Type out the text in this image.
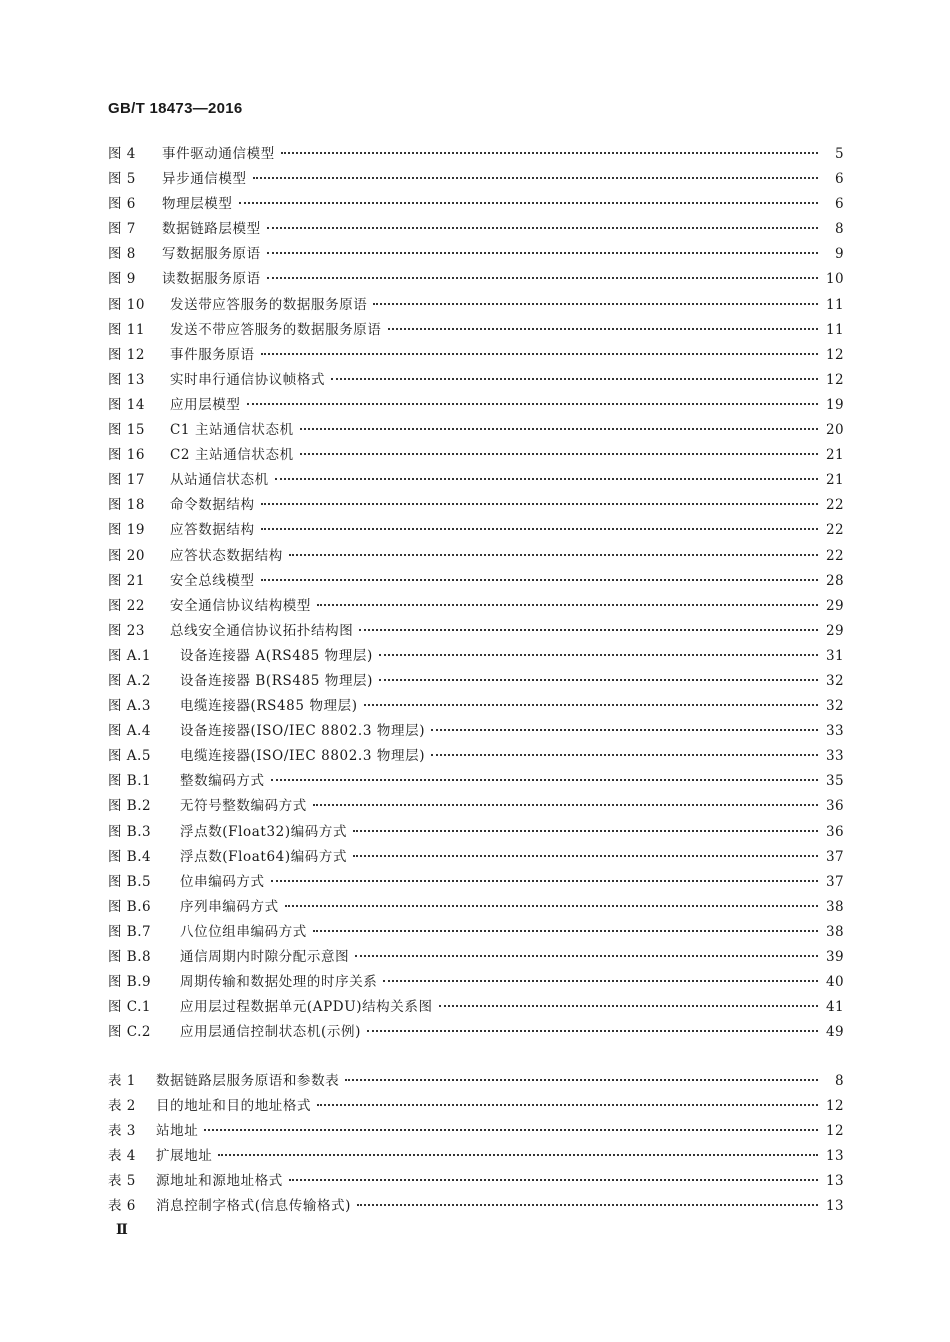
GB/T 18473—2016
图 4	事件驱动通信模型	5
图 5	异步通信模型	6
图 6	物理层模型	6
图 7	数据链路层模型	8
图 8	写数据服务原语	9
图 9	读数据服务原语	10
图 10	发送带应答服务的数据服务原语	11
图 11	发送不带应答服务的数据服务原语	11
图 12	事件服务原语	12
图 13	实时串行通信协议帧格式	12
图 14	应用层模型	19
图 15	C1 主站通信状态机	20
图 16	C2 主站通信状态机	21
图 17	从站通信状态机	21
图 18	命令数据结构	22
图 19	应答数据结构	22
图 20	应答状态数据结构	22
图 21	安全总线模型	28
图 22	安全通信协议结构模型	29
图 23	总线安全通信协议拓扑结构图	29
图 A.1	设备连接器 A(RS485 物理层)	31
图 A.2	设备连接器 B(RS485 物理层)	32
图 A.3	电缆连接器(RS485 物理层)	32
图 A.4	设备连接器(ISO/IEC 8802.3 物理层)	33
图 A.5	电缆连接器(ISO/IEC 8802.3 物理层)	33
图 B.1	整数编码方式	35
图 B.2	无符号整数编码方式	36
图 B.3	浮点数(Float32)编码方式	36
图 B.4	浮点数(Float64)编码方式	37
图 B.5	位串编码方式	37
图 B.6	序列串编码方式	38
图 B.7	八位位组串编码方式	38
图 B.8	通信周期内时隙分配示意图	39
图 B.9	周期传输和数据处理的时序关系	40
图 C.1	应用层过程数据单元(APDU)结构关系图	41
图 C.2	应用层通信控制状态机(示例)	49
表 1	数据链路层服务原语和参数表	8
表 2	目的地址和目的地址格式	12
表 3	站地址	12
表 4	扩展地址	13
表 5	源地址和源地址格式	13
表 6	消息控制字格式(信息传输格式)	13
Ⅱ
